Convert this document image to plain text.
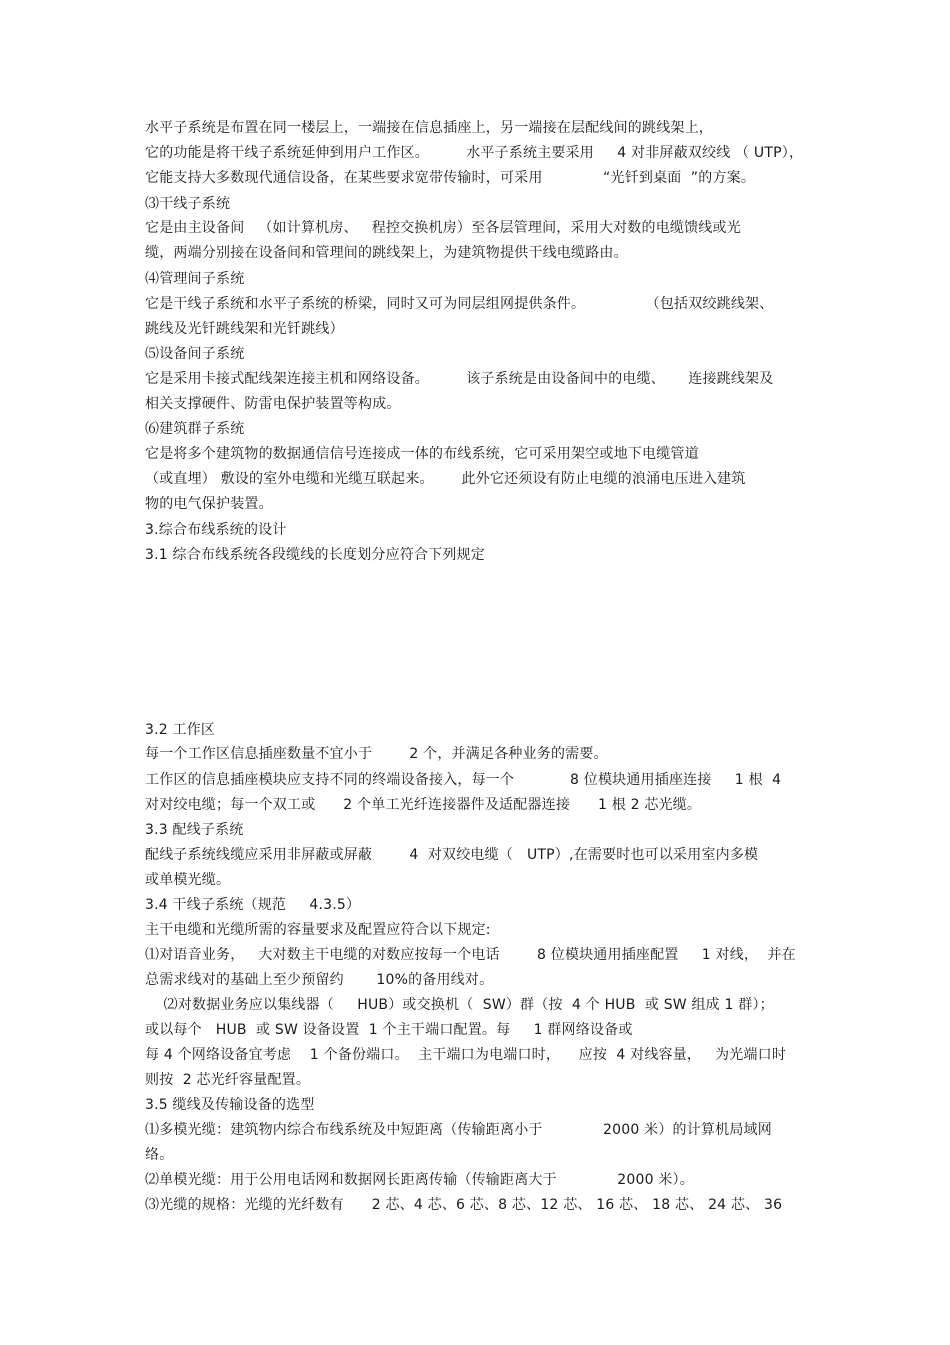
水平子系统是布置在同一楼层上，一端接在信息插座上，另一端接在层配线间的跳线架上，

它的功能是将干线子系统延伸到用户工作区。        水平子系统主要采用     4 对非屏蔽双绞线 （ UTP），

它能支持大多数现代通信设备，在某些要求宽带传输时，可采用             “光钎到桌面  ”的方案。

⑶干线子系统

它是由主设备间   （如计算机房、   程控交换机房）至各层管理间，采用大对数的电缆馈线或光

缆，两端分别接在设备间和管理间的跳线架上，为建筑物提供干线电缆路由。

⑷管理间子系统

它是干线子系统和水平子系统的桥梁，同时又可为同层组网提供条件。             （包括双绞跳线架、

跳线及光钎跳线架和光钎跳线）

⑸设备间子系统

它是采用卡接式配线架连接主机和网络设备。        该子系统是由设备间中的电缆、     连接跳线架及

相关支撑硬件、防雷电保护装置等构成。

⑹建筑群子系统

它是将多个建筑物的数据通信信号连接成一体的布线系统，它可采用架空或地下电缆管道

（或直埋） 敷设的室外电缆和光缆互联起来。      此外它还须设有防止电缆的浪涌电压进入建筑

物的电气保护装置。

3.综合布线系统的设计

3.1 综合布线系统各段缆线的长度划分应符合下列规定

3.2 工作区

每一个工作区信息插座数量不宜小于        2 个，并满足各种业务的需要。

工作区的信息插座模块应支持不同的终端设备接入，每一个            8 位模块通用插座连接     1 根  4

对对绞电缆；每一个双工或      2 个单工光纤连接器件及适配器连接      1 根 2 芯光缆。

3.3 配线子系统

配线子系统线缆应采用非屏蔽或屏蔽        4  对双绞电缆（   UTP）,在需要时也可以采用室内多模

或单模光缆。

3.4 干线子系统（规范     4.3.5）

主干电缆和光缆所需的容量要求及配置应符合以下规定:

⑴对语音业务，   大对数主干电缆的对数应按每一个电话        8 位模块通用插座配置     1 对线，  并在

总需求线对的基础上至少预留约       10%的备用线对。

⑵对数据业务应以集线器（     HUB）或交换机（  SW）群（按  4 个 HUB  或 SW 组成 1 群）；

或以每个   HUB  或 SW 设备设置  1 个主干端口配置。每     1 群网络设备或

每 4 个网络设备宜考虑    1 个备份端口。  主干端口为电端口时，    应按  4 对线容量，   为光端口时

则按  2 芯光纤容量配置。

3.5 缆线及传输设备的选型

⑴多模光缆：建筑物内综合布线系统及中短距离（传输距离小于             2000 米）的计算机局域网

络。

⑵单模光缆：用于公用电话网和数据网长距离传输（传输距离大于             2000 米）。

⑶光缆的规格：光缆的光纤数有      2 芯、4 芯、6 芯、8 芯、12 芯、 16 芯、 18 芯、 24 芯、 36
